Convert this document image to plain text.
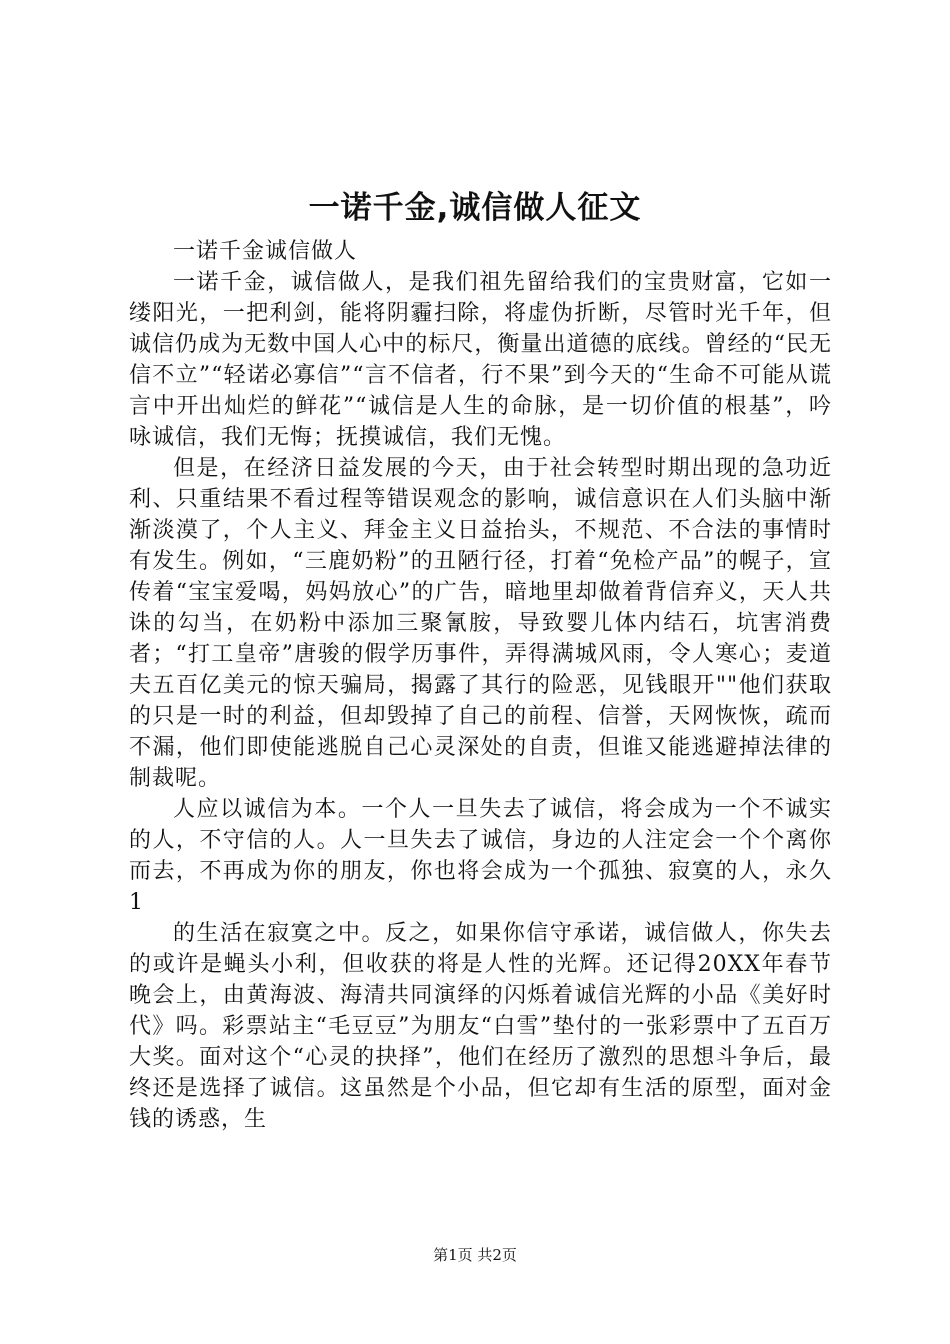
一诺千金,诚信做人征文

一诺千金诚信做人

一诺千金，诚信做人，是我们祖先留给我们的宝贵财富，它如一缕阳光，一把利剑，能将阴霾扫除，将虚伪折断，尽管时光千年，但诚信仍成为无数中国人心中的标尺，衡量出道德的底线。曾经的“民无信不立”“轻诺必寡信”“言不信者，行不果”到今天的“生命不可能从谎言中开出灿烂的鲜花”“诚信是人生的命脉，是一切价值的根基”，吟咏诚信，我们无悔；抚摸诚信，我们无愧。

但是，在经济日益发展的今天，由于社会转型时期出现的急功近利、只重结果不看过程等错误观念的影响，诚信意识在人们头脑中渐渐淡漠了，个人主义、拜金主义日益抬头，不规范、不合法的事情时有发生。例如，“三鹿奶粉”的丑陋行径，打着“免检产品”的幌子，宣传着“宝宝爱喝，妈妈放心”的广告，暗地里却做着背信弃义，天人共诛的勾当，在奶粉中添加三聚氰胺，导致婴儿体内结石，坑害消费者；“打工皇帝”唐骏的假学历事件，弄得满城风雨，令人寒心；麦道夫五百亿美元的惊天骗局，揭露了其行的险恶，见钱眼开""他们获取的只是一时的利益，但却毁掉了自己的前程、信誉，天网恢恢，疏而不漏，他们即使能逃脱自己心灵深处的自责，但谁又能逃避掉法律的制裁呢。

人应以诚信为本。一个人一旦失去了诚信，将会成为一个不诚实的人，不守信的人。人一旦失去了诚信，身边的人注定会一个个离你而去，不再成为你的朋友，你也将会成为一个孤独、寂寞的人，永久1

的生活在寂寞之中。反之，如果你信守承诺，诚信做人，你失去的或许是蝇头小利，但收获的将是人性的光辉。还记得20XX年春节晚会上，由黄海波、海清共同演绎的闪烁着诚信光辉的小品《美好时代》吗。彩票站主“毛豆豆”为朋友“白雪”垫付的一张彩票中了五百万大奖。面对这个“心灵的抉择”，他们在经历了激烈的思想斗争后，最终还是选择了诚信。这虽然是个小品，但它却有生活的原型，面对金钱的诱惑，生

第1页 共2页
